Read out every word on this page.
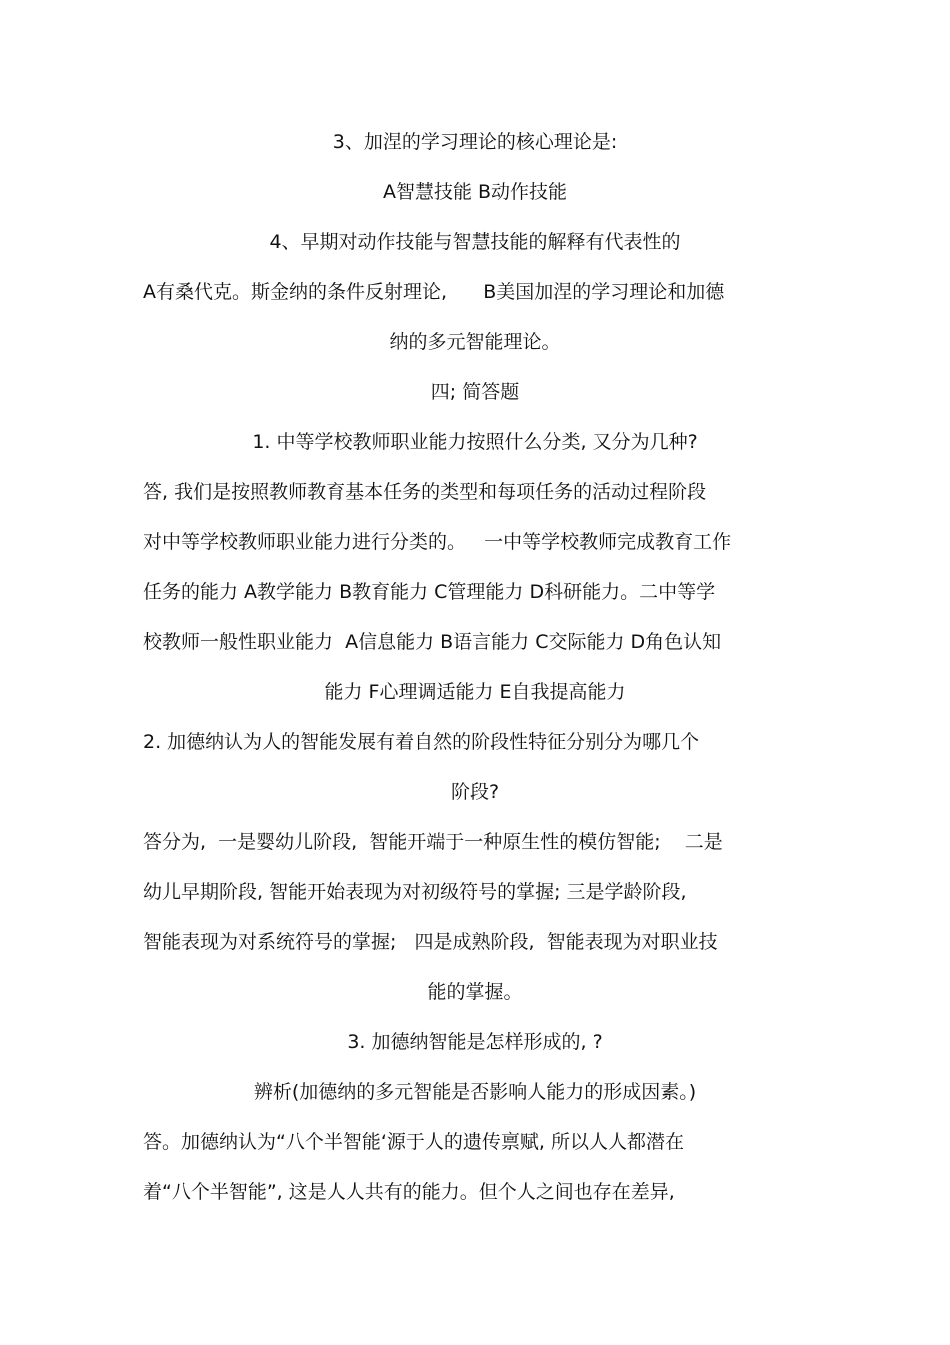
3、加涅的学习理论的核心理论是:

A智慧技能 B动作技能

4、早期对动作技能与智慧技能的解释有代表性的

A有桑代克。斯金纳的条件反射理论,      B美国加涅的学习理论和加德

纳的多元智能理论。

四; 简答题

1. 中等学校教师职业能力按照什么分类, 又分为几种?

答, 我们是按照教师教育基本任务的类型和每项任务的活动过程阶段

对中等学校教师职业能力进行分类的。   一中等学校教师完成教育工作

任务的能力 A教学能力 B教育能力 C管理能力 D科研能力。二中等学

校教师一般性职业能力  A信息能力 B语言能力 C交际能力 D角色认知

能力 F心理调适能力 E自我提高能力

2. 加德纳认为人的智能发展有着自然的阶段性特征分别分为哪几个

阶段?

答分为,  一是婴幼儿阶段,  智能开端于一种原生性的模仿智能;    二是

幼儿早期阶段, 智能开始表现为对初级符号的掌握; 三是学龄阶段,

智能表现为对系统符号的掌握;   四是成熟阶段,  智能表现为对职业技

能的掌握。

3. 加德纳智能是怎样形成的, ?

辨析(加德纳的多元智能是否影响人能力的形成因素。)

答。加德纳认为“八个半智能‘源于人的遗传禀赋, 所以人人都潜在

着“八个半智能”, 这是人人共有的能力。但个人之间也存在差异,
